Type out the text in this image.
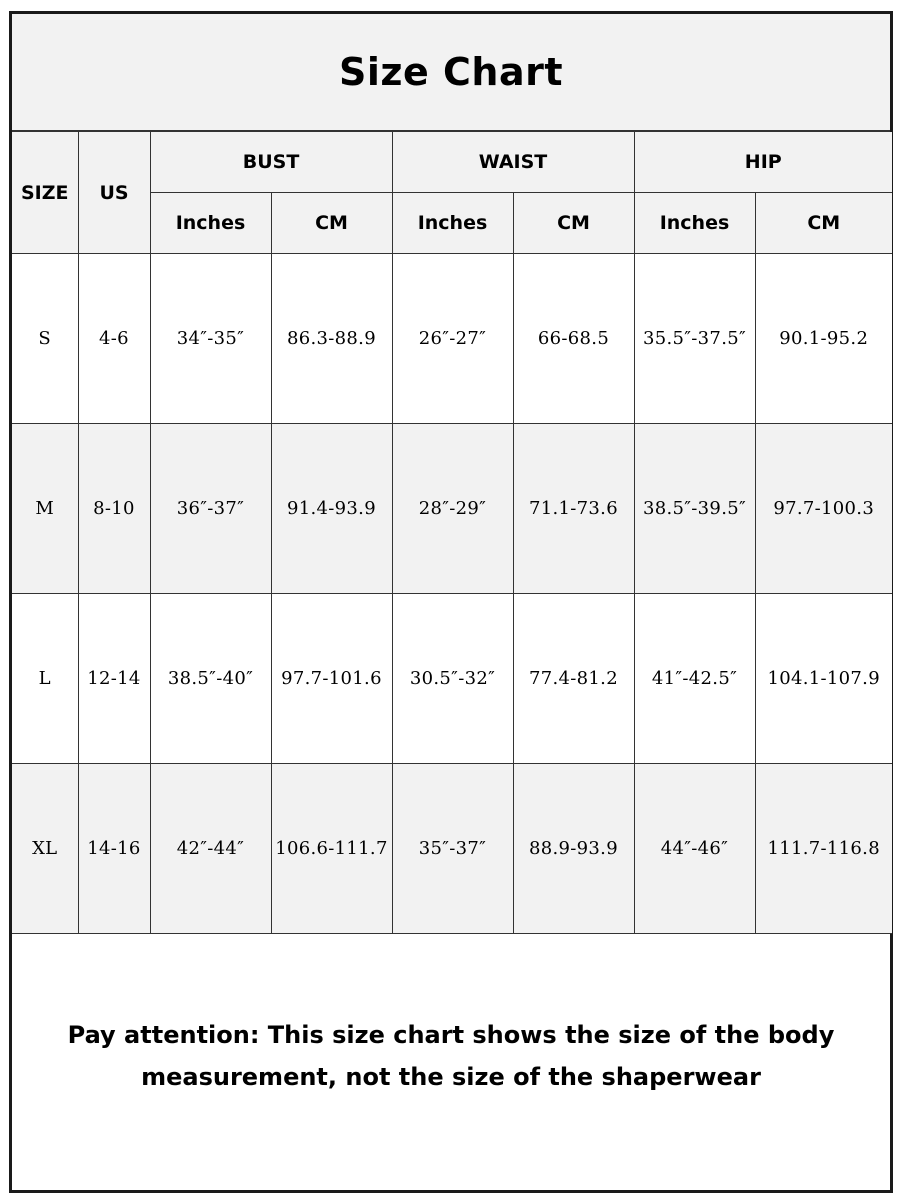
Size Chart
SIZE	US	BUST		WAIST		HIP	
		Inches	CM	Inches	CM	Inches	CM
S	4-6	34″-35″	86.3-88.9	26″-27″	66-68.5	35.5″-37.5″	90.1-95.2
M	8-10	36″-37″	91.4-93.9	28″-29″	71.1-73.6	38.5″-39.5″	97.7-100.3
L	12-14	38.5″-40″	97.7-101.6	30.5″-32″	77.4-81.2	41″-42.5″	104.1-107.9
XL	14-16	42″-44″	106.6-111.7	35″-37″	88.9-93.9	44″-46″	111.7-116.8
Pay attention: This size chart shows the size of the body
measurement, not the size of the shaperwear
